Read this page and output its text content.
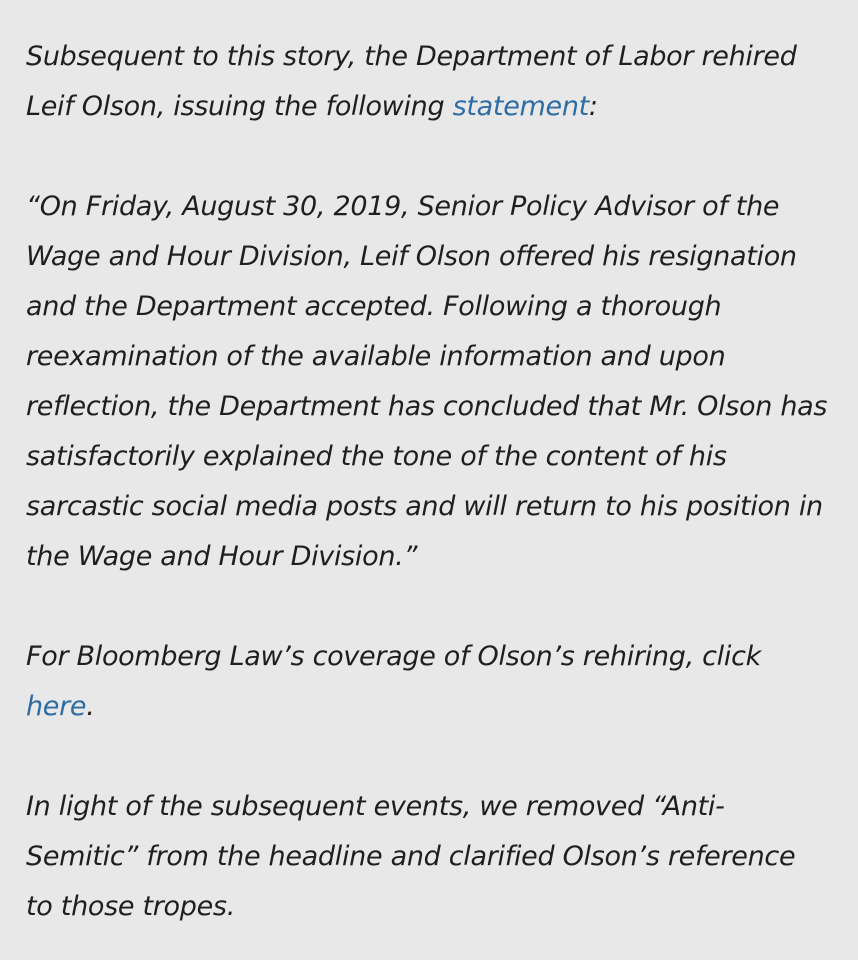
Subsequent to this story, the Department of Labor rehired Leif Olson, issuing the following statement:

“On Friday, August 30, 2019, Senior Policy Advisor of the Wage and Hour Division, Leif Olson offered his resignation and the Department accepted. Following a thorough reexamination of the available information and upon reflection, the Department has concluded that Mr. Olson has satisfactorily explained the tone of the content of his sarcastic social media posts and will return to his position in the Wage and Hour Division.”

For Bloomberg Law’s coverage of Olson’s rehiring, click here.

In light of the subsequent events, we removed “Anti-Semitic” from the headline and clarified Olson’s reference to those tropes.
